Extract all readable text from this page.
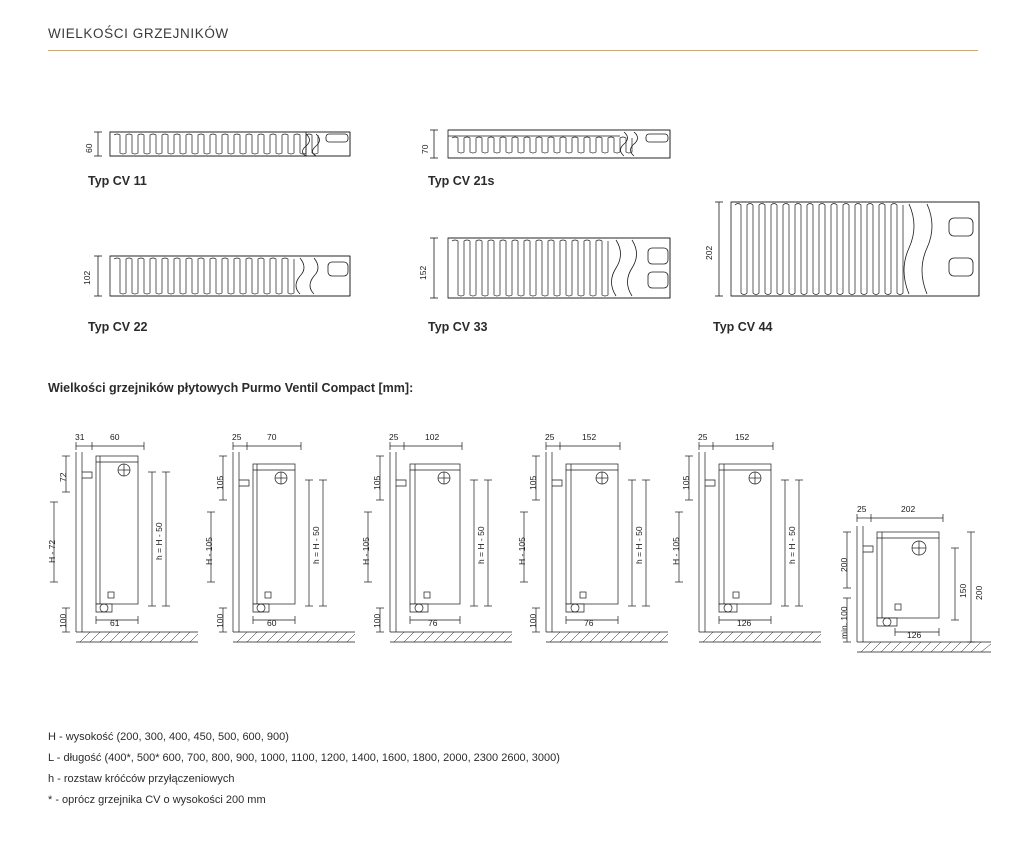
WIELKOŚCI GRZEJNIKÓW
60
Typ CV 11
70
Typ CV 21s
102
Typ CV 22
152
Typ CV 33
202
Typ CV 44
Wielkości grzejników płytowych Purmo Ventil Compact [mm]:
31	60
72
H - 72
100
h = H - 50
61
25	70
105
H - 105
100
h = H - 50
60
25	102
105
H - 105
100
h = H - 50
76
25	152
105
H - 105
100
h = H - 50
76
25	152
105
H - 105	h = H - 50
126
25	202
200
min. 100
150 200
126
H - wysokość (200, 300, 400, 450, 500, 600, 900)
L - długość (400*, 500* 600, 700, 800, 900, 1000, 1100, 1200, 1400, 1600, 1800, 2000, 2300 2600, 3000)
h - rozstaw króćców przyłączeniowych
* - oprócz grzejnika CV o wysokości 200 mm
